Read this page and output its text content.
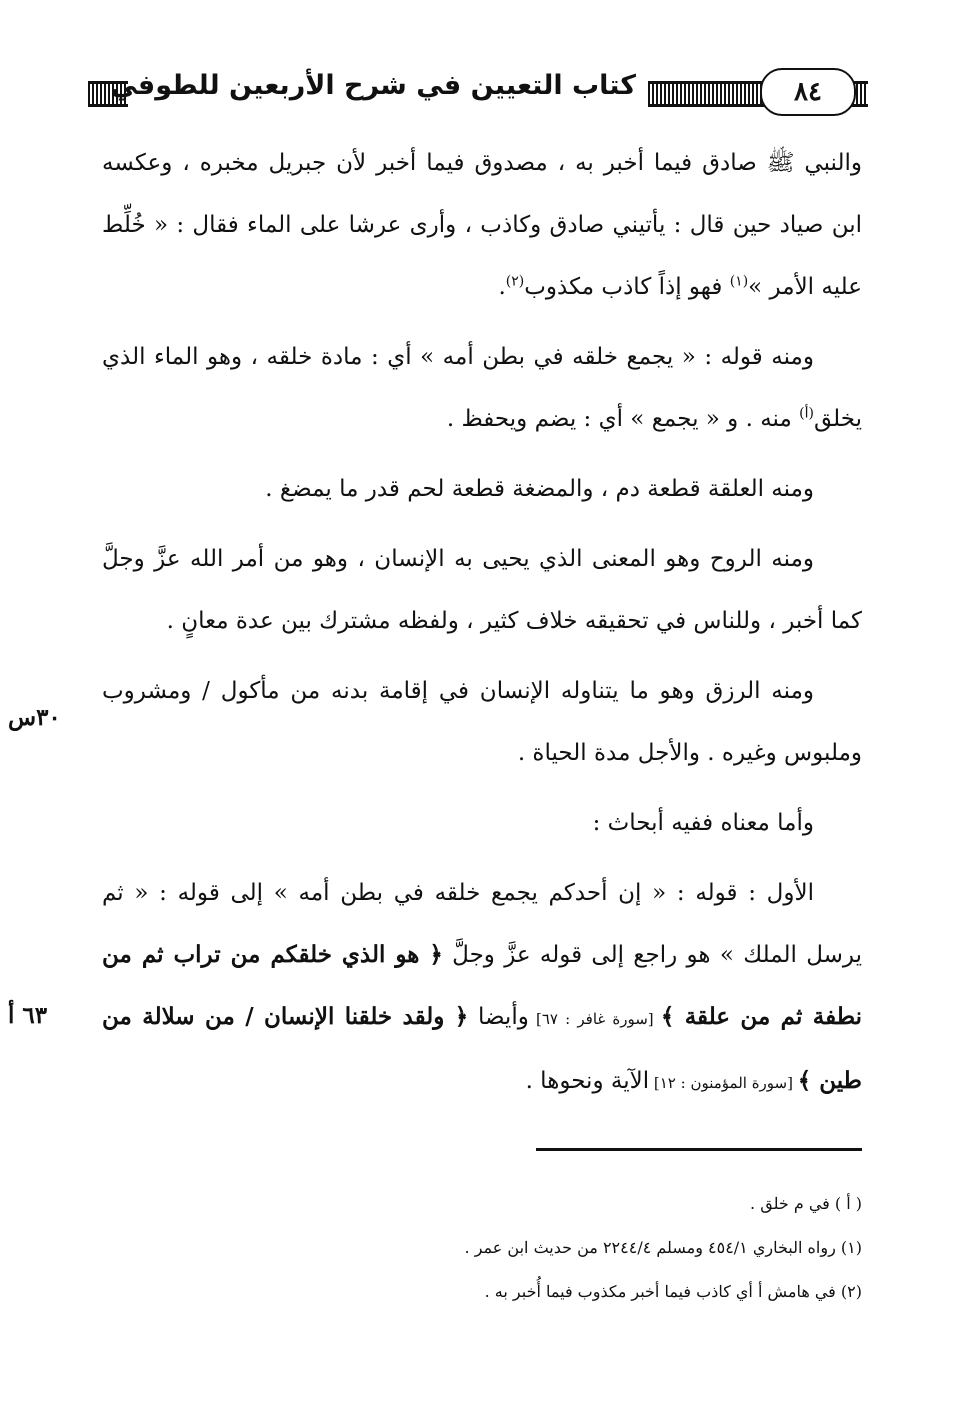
٨٤
كتاب التعيين في شرح الأربعين للطوفي

والنبي ﷺ صادق فيما أخبر به ، مصدوق فيما أخبر لأن جبريل مخبره ، وعكسه ابن صياد حين قال : يأتيني صادق وكاذب ، وأرى عرشا على الماء فقال : « خُلِّط عليه الأمر »$^{(١)}$ فهو إذاً كاذب مكذوب$^{(٢)}$.

ومنه قوله : « يجمع خلقه في بطن أمه » أي : مادة خلقه ، وهو الماء الذي يخلق$^{(أ)}$ منه . و « يجمع » أي : يضم ويحفظ .

ومنه العلقة قطعة دم ، والمضغة قطعة لحم قدر ما يمضغ .

ومنه الروح وهو المعنى الذي يحيى به الإنسان ، وهو من أمر الله عزَّ وجلَّ كما أخبر ، وللناس في تحقيقه خلاف كثير ، ولفظه مشترك بين عدة معانٍ .

ومنه الرزق وهو ما يتناوله الإنسان في إقامة بدنه من مأكول / ومشروب وملبوس وغيره . والأجل مدة الحياة .

وأما معناه ففيه أبحاث :

الأول : قوله : « إن أحدكم يجمع خلقه في بطن أمه » إلى قوله : « ثم يرسل الملك » هو راجع إلى قوله عزَّ وجلَّ ﴿ هو الذي خلقكم من تراب ثم من نطفة ثم من علقة ﴾ [سورة غافر : ٦٧] وأيضا ﴿ ولقد خلقنا الإنسان / من سلالة من طين ﴾ [سورة المؤمنون : ١٢] الآية ونحوها .

٣٠س
٦٣ أ

( أ ) في م خلق .

(١) رواه البخاري ٤٥٤/١ ومسلم ٢٢٤٤/٤ من حديث ابن عمر .

(٢) في هامش أ أي كاذب فيما أخبر مكذوب فيما أُخبر به .
